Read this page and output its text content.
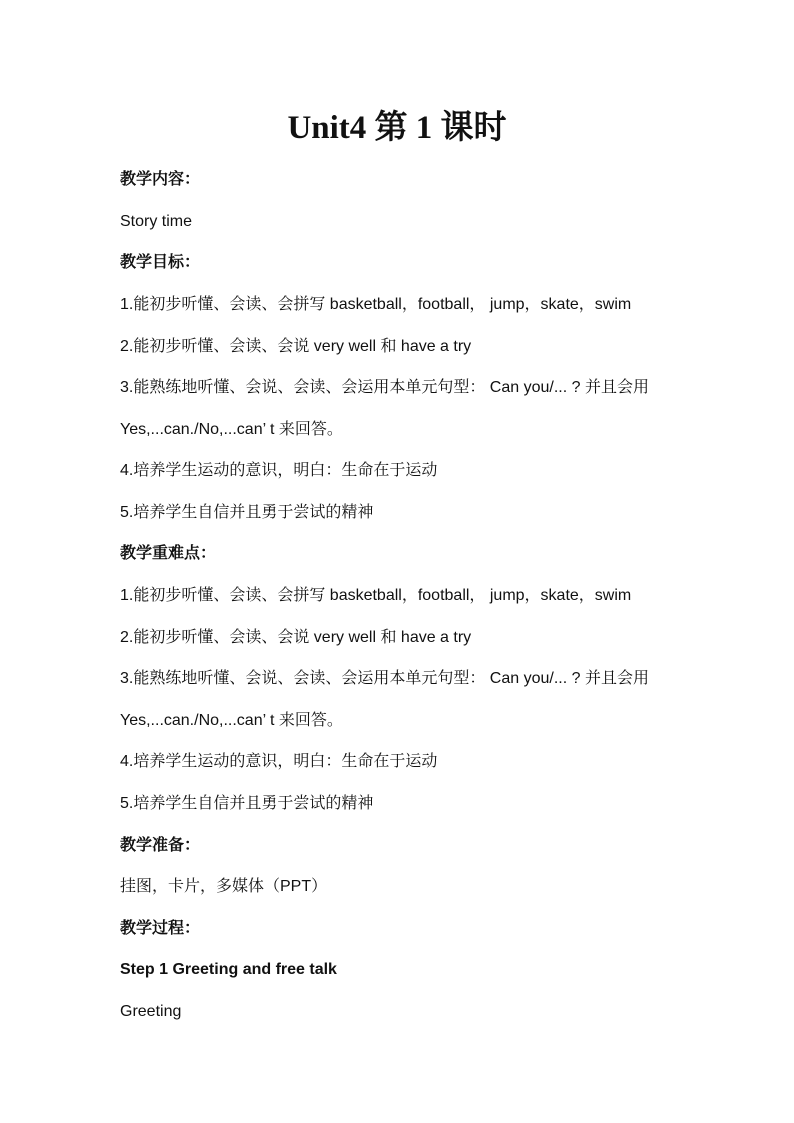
Unit4 第 1 课时

教学内容：

Story time

教学目标：

1.能初步听懂、会读、会拼写 basketball，football， jump，skate，swim

2.能初步听懂、会读、会说 very well 和 have a try

3.能熟练地听懂、会说、会读、会运用本单元句型： Can you/... ? 并且会用

Yes,...can./No,...can’ t 来回答。

4.培养学生运动的意识，明白：生命在于运动

5.培养学生自信并且勇于尝试的精神

教学重难点：

1.能初步听懂、会读、会拼写 basketball，football， jump，skate，swim

2.能初步听懂、会读、会说 very well 和 have a try

3.能熟练地听懂、会说、会读、会运用本单元句型： Can you/... ? 并且会用

Yes,...can./No,...can’ t 来回答。

4.培养学生运动的意识，明白：生命在于运动

5.培养学生自信并且勇于尝试的精神

教学准备：

挂图，卡片，多媒体（PPT）

教学过程：

Step 1 Greeting and free talk

Greeting
